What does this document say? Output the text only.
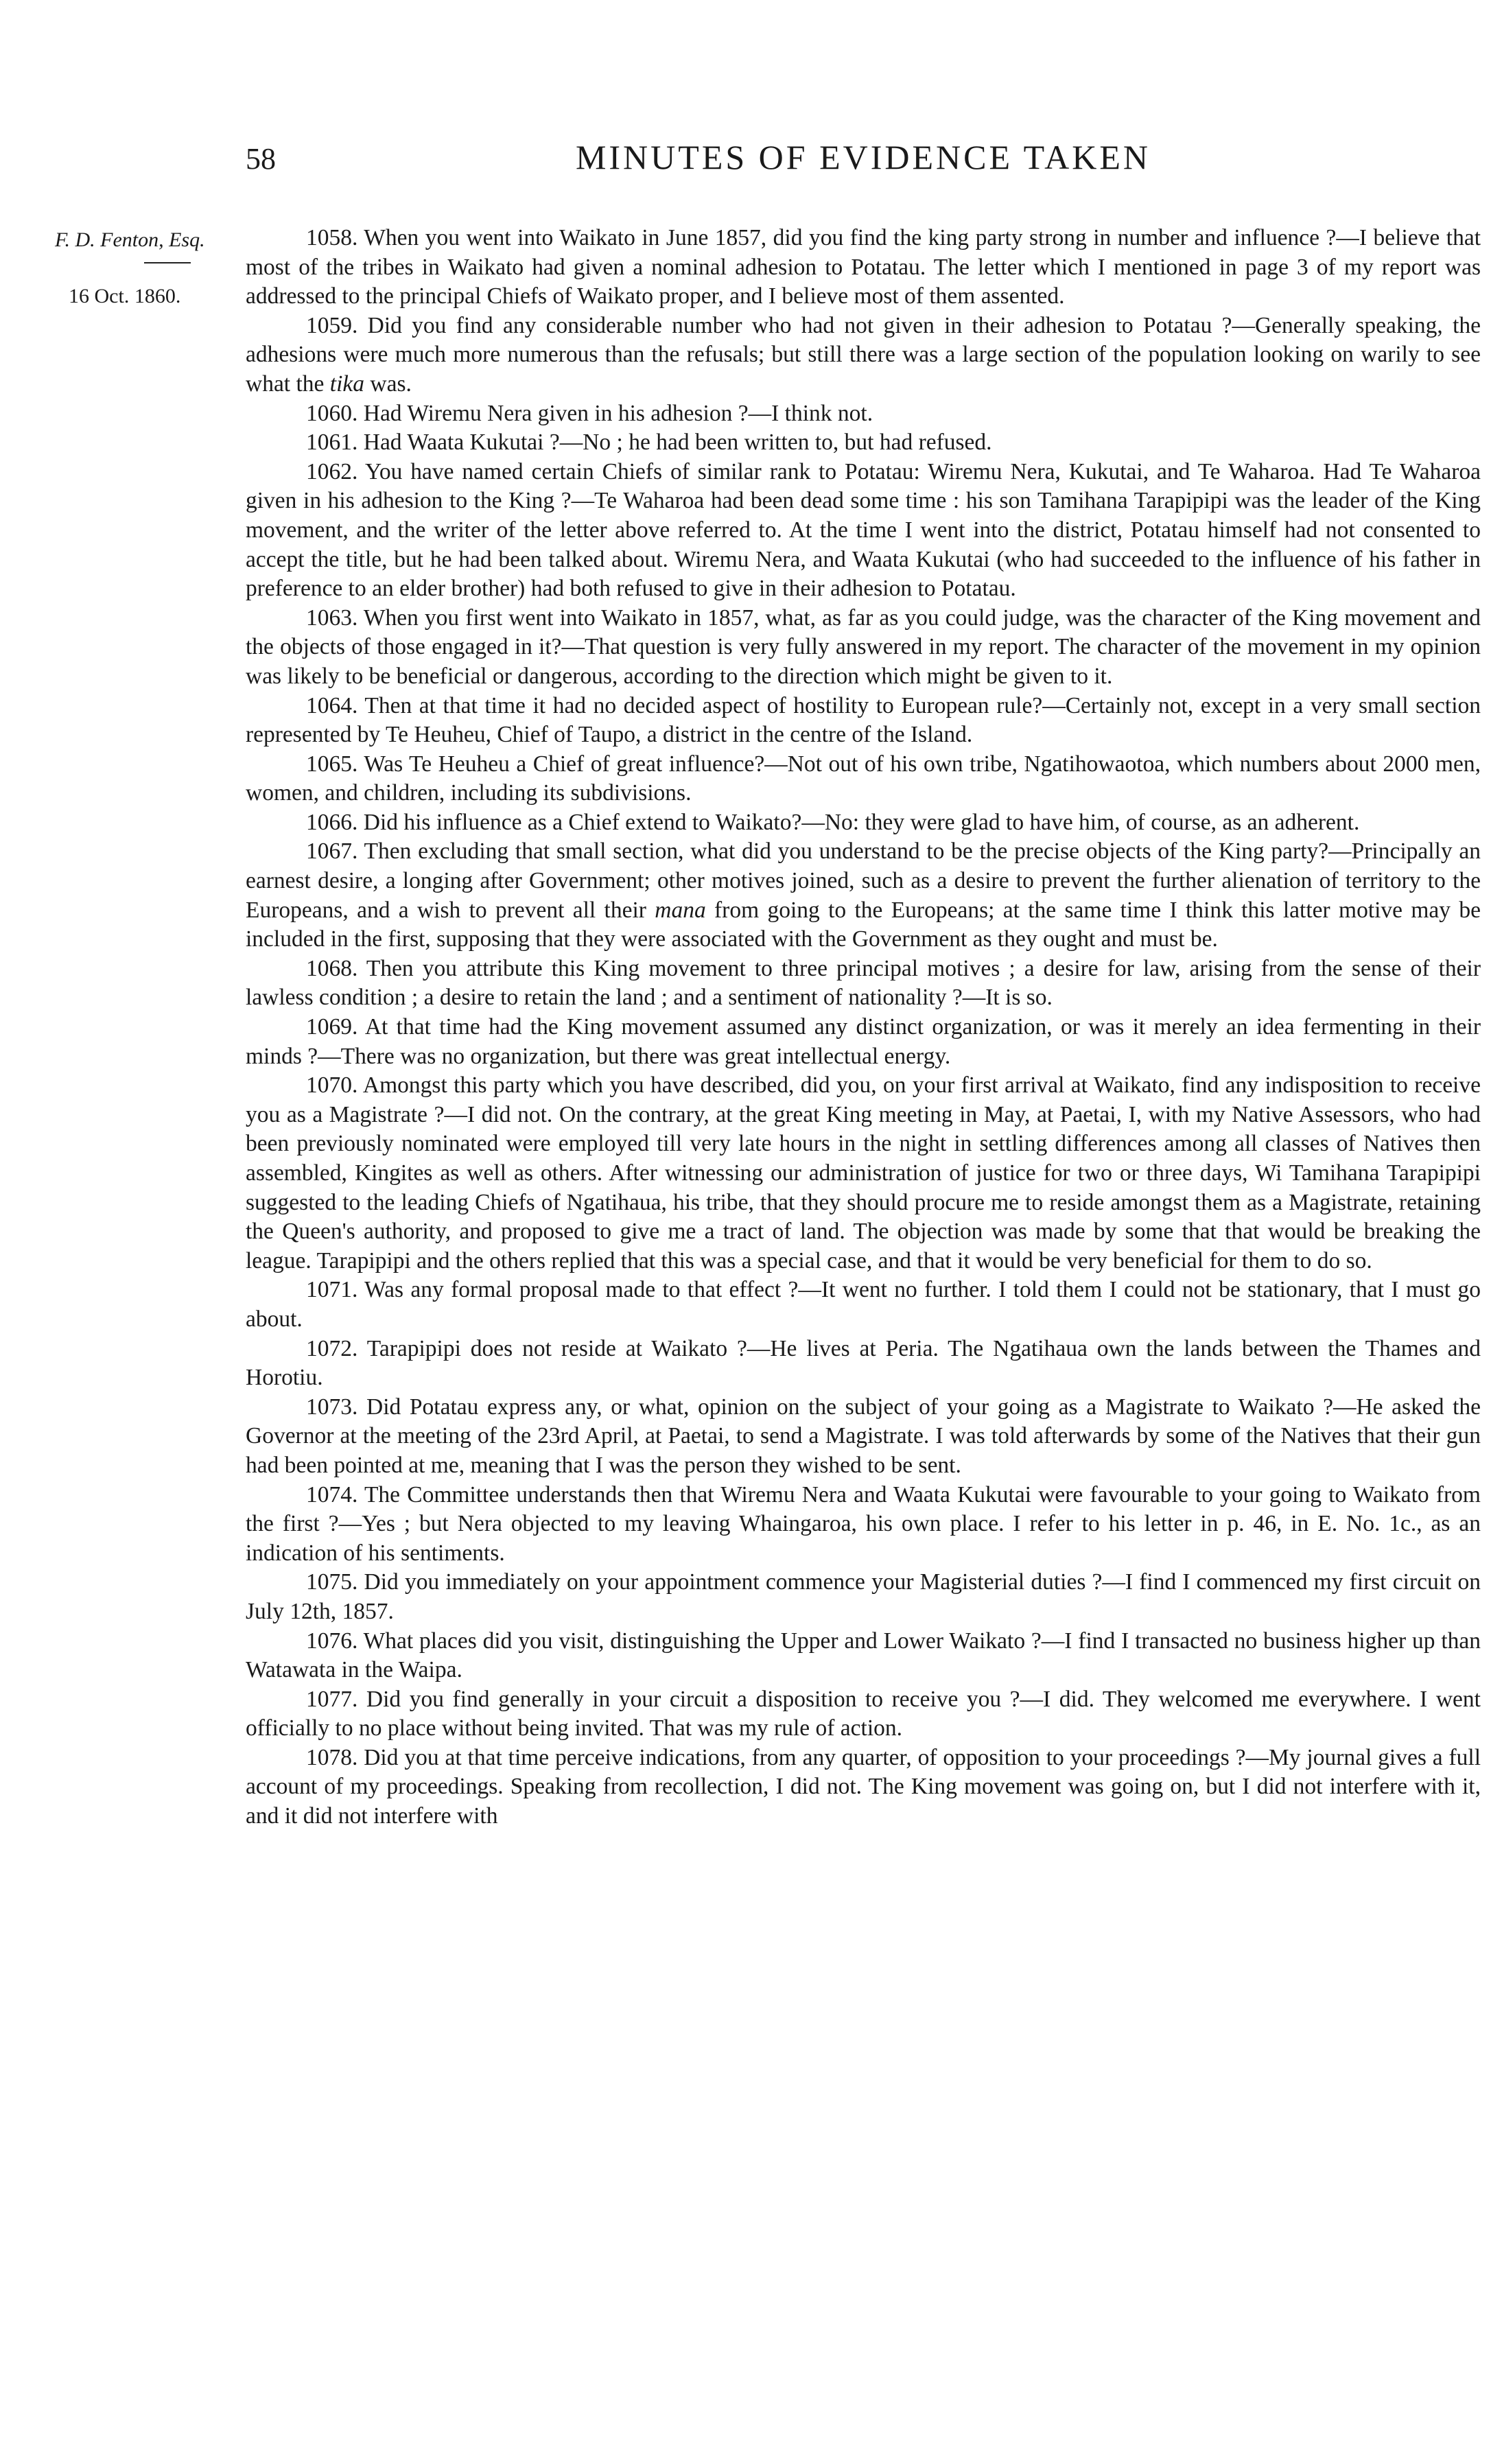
58	MINUTES OF EVIDENCE TAKEN
F. D. Fenton, Esq.
16 Oct. 1860.

1058. When you went into Waikato in June 1857, did you find the king party strong in number and influence ?—I believe that most of the tribes in Waikato had given a nominal adhesion to Potatau. The letter which I mentioned in page 3 of my report was addressed to the principal Chiefs of Waikato proper, and I believe most of them assented.

1059. Did you find any considerable number who had not given in their adhesion to Potatau ?—Generally speaking, the adhesions were much more numerous than the refusals; but still there was a large section of the population looking on warily to see what the tika was.

1060. Had Wiremu Nera given in his adhesion ?—I think not.

1061. Had Waata Kukutai ?—No ; he had been written to, but had refused.

1062. You have named certain Chiefs of similar rank to Potatau: Wiremu Nera, Kukutai, and Te Waharoa. Had Te Waharoa given in his adhesion to the King ?—Te Waharoa had been dead some time : his son Tamihana Tarapipipi was the leader of the King movement, and the writer of the letter above referred to. At the time I went into the district, Potatau himself had not consented to accept the title, but he had been talked about. Wiremu Nera, and Waata Kukutai (who had succeeded to the influence of his father in preference to an elder brother) had both refused to give in their adhesion to Potatau.

1063. When you first went into Waikato in 1857, what, as far as you could judge, was the character of the King movement and the objects of those engaged in it?—That question is very fully answered in my report. The character of the movement in my opinion was likely to be beneficial or dangerous, according to the direction which might be given to it.

1064. Then at that time it had no decided aspect of hostility to European rule?—Certainly not, except in a very small section represented by Te Heuheu, Chief of Taupo, a district in the centre of the Island.

1065. Was Te Heuheu a Chief of great influence?—Not out of his own tribe, Ngatihowaotoa, which numbers about 2000 men, women, and children, including its subdivisions.

1066. Did his influence as a Chief extend to Waikato?—No: they were glad to have him, of course, as an adherent.

1067. Then excluding that small section, what did you understand to be the precise objects of the King party?—Principally an earnest desire, a longing after Government; other motives joined, such as a desire to prevent the further alienation of territory to the Europeans, and a wish to prevent all their mana from going to the Europeans; at the same time I think this latter motive may be included in the first, supposing that they were associated with the Government as they ought and must be.

1068. Then you attribute this King movement to three principal motives ; a desire for law, arising from the sense of their lawless condition ; a desire to retain the land ; and a sentiment of nationality ?—It is so.

1069. At that time had the King movement assumed any distinct organization, or was it merely an idea fermenting in their minds ?—There was no organization, but there was great intellectual energy.

1070. Amongst this party which you have described, did you, on your first arrival at Waikato, find any indisposition to receive you as a Magistrate ?—I did not. On the contrary, at the great King meeting in May, at Paetai, I, with my Native Assessors, who had been previously nominated were employed till very late hours in the night in settling differences among all classes of Natives then assembled, Kingites as well as others. After witnessing our administration of justice for two or three days, Wi Tamihana Tarapipipi suggested to the leading Chiefs of Ngatihaua, his tribe, that they should procure me to reside amongst them as a Magistrate, retaining the Queen's authority, and proposed to give me a tract of land. The objection was made by some that that would be breaking the league. Tarapipipi and the others replied that this was a special case, and that it would be very beneficial for them to do so.

1071. Was any formal proposal made to that effect ?—It went no further. I told them I could not be stationary, that I must go about.

1072. Tarapipipi does not reside at Waikato ?—He lives at Peria. The Ngatihaua own the lands between the Thames and Horotiu.

1073. Did Potatau express any, or what, opinion on the subject of your going as a Magistrate to Waikato ?—He asked the Governor at the meeting of the 23rd April, at Paetai, to send a Magistrate. I was told afterwards by some of the Natives that their gun had been pointed at me, meaning that I was the person they wished to be sent.

1074. The Committee understands then that Wiremu Nera and Waata Kukutai were favourable to your going to Waikato from the first ?—Yes ; but Nera objected to my leaving Whaingaroa, his own place. I refer to his letter in p. 46, in E. No. 1c., as an indication of his sentiments.

1075. Did you immediately on your appointment commence your Magisterial duties ?—I find I commenced my first circuit on July 12th, 1857.

1076. What places did you visit, distinguishing the Upper and Lower Waikato ?—I find I transacted no business higher up than Watawata in the Waipa.

1077. Did you find generally in your circuit a disposition to receive you ?—I did. They welcomed me everywhere. I went officially to no place without being invited. That was my rule of action.

1078. Did you at that time perceive indications, from any quarter, of opposition to your proceedings ?—My journal gives a full account of my proceedings. Speaking from recollection, I did not. The King movement was going on, but I did not interfere with it, and it did not interfere with
